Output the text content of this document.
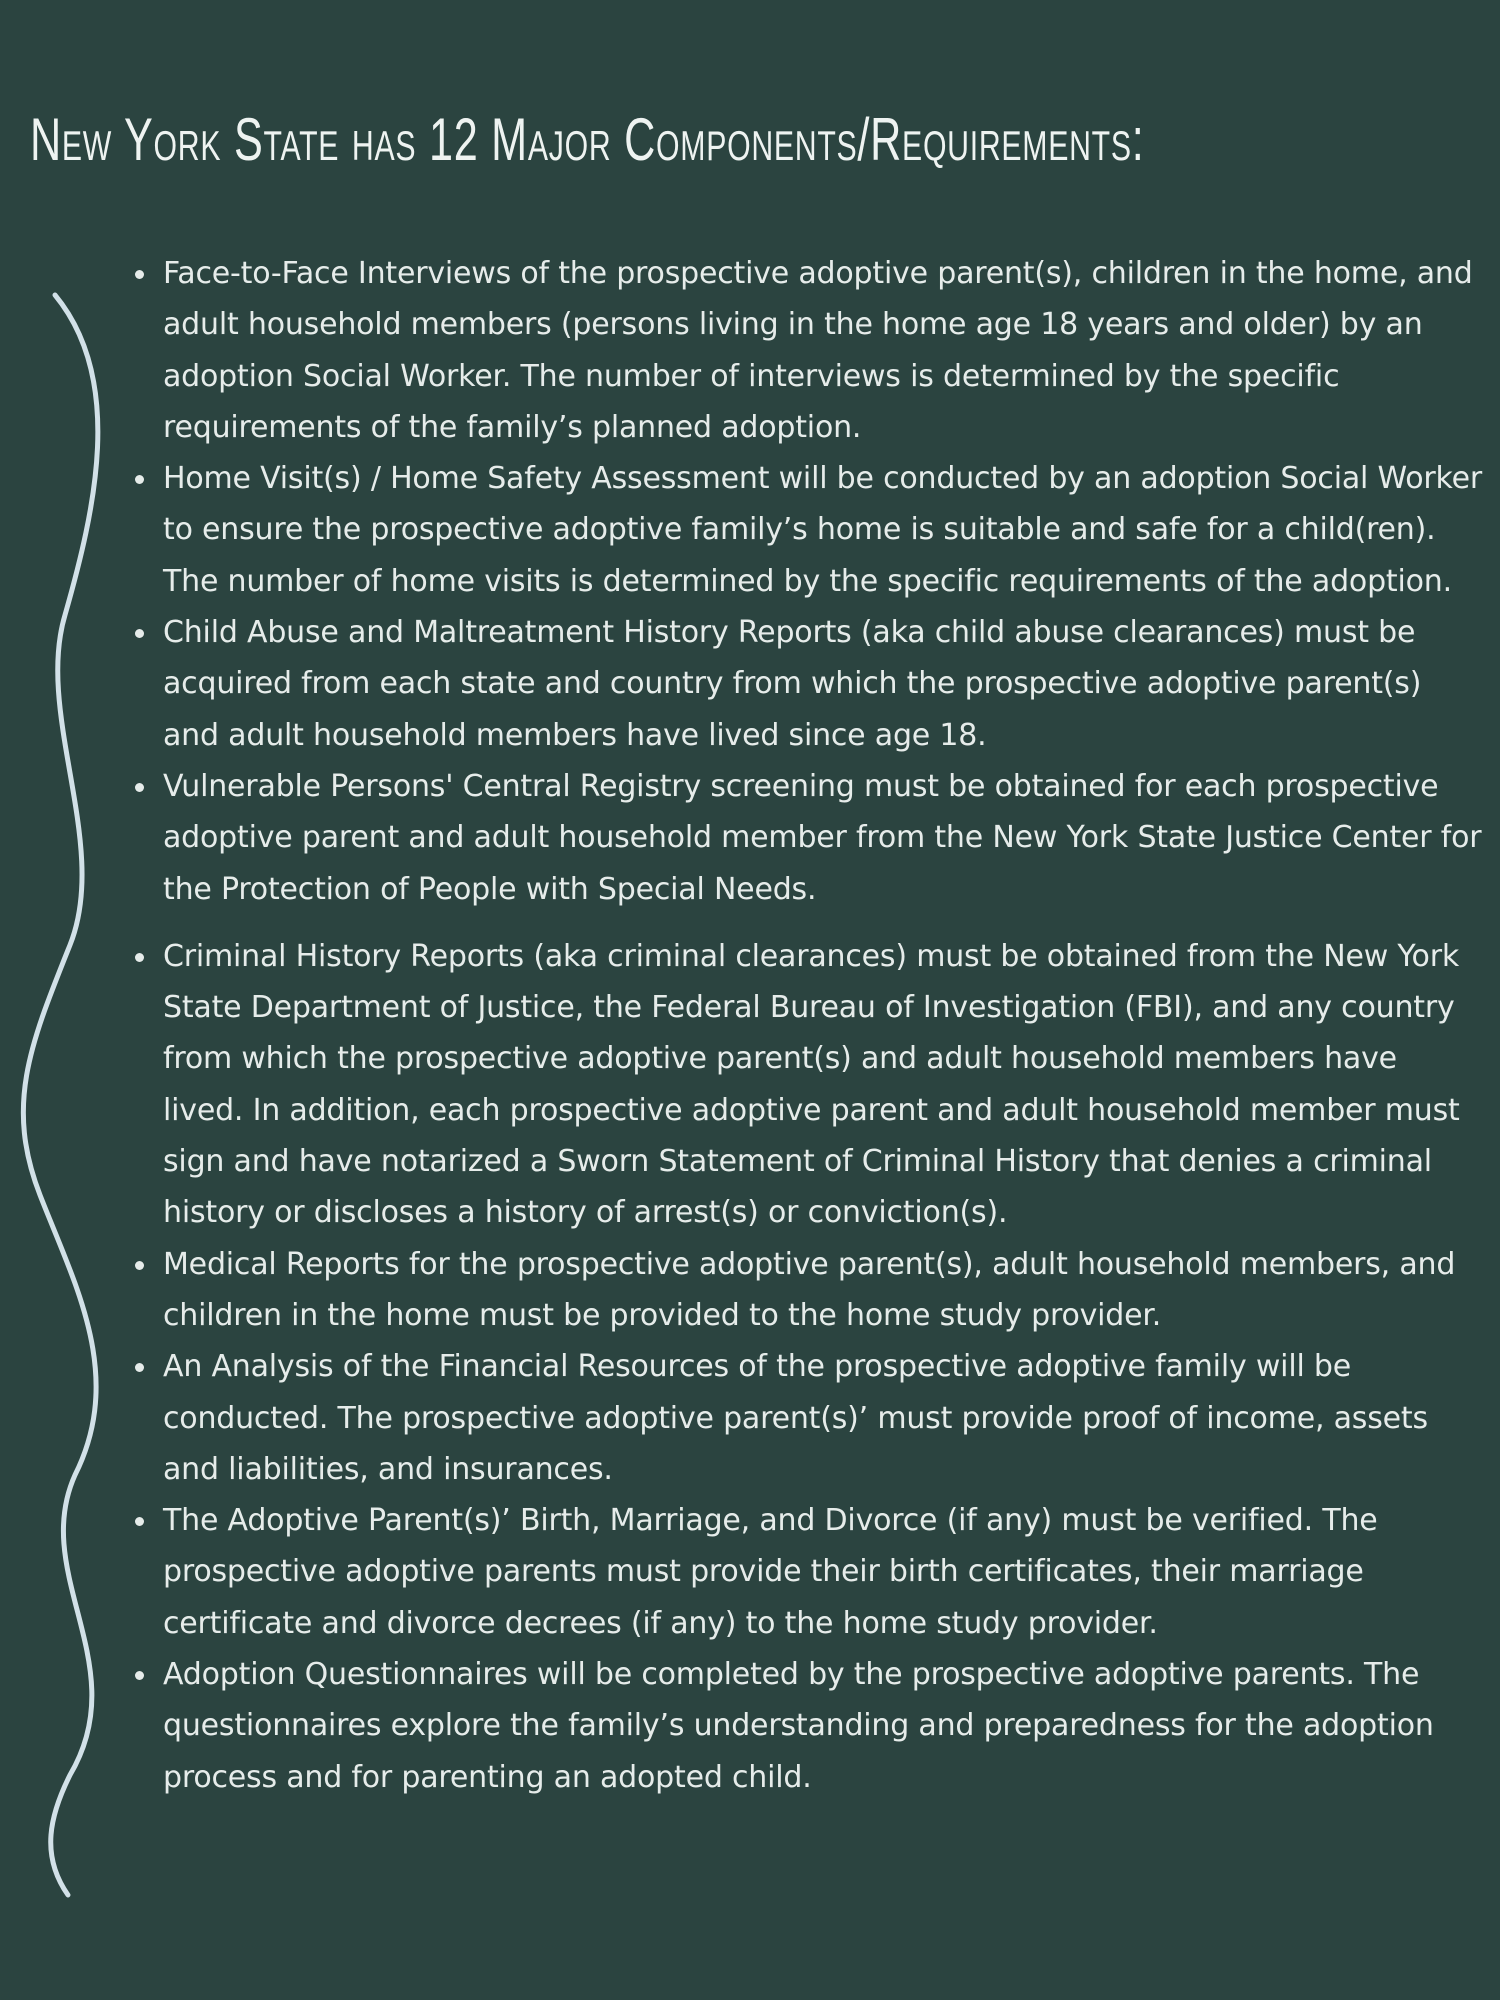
New York State has 12 Major Components/Requirements:
Face-to-Face Interviews of the prospective adoptive parent(s), children in the home, and adult household members (persons living in the home age 18 years and older) by an adoption Social Worker. The number of interviews is determined by the specific requirements of the family’s planned adoption.
Home Visit(s) / Home Safety Assessment will be conducted by an adoption Social Worker to ensure the prospective adoptive family’s home is suitable and safe for a child(ren). The number of home visits is determined by the specific requirements of the adoption.
Child Abuse and Maltreatment History Reports (aka child abuse clearances) must be acquired from each state and country from which the prospective adoptive parent(s) and adult household members have lived since age 18.
Vulnerable Persons' Central Registry screening must be obtained for each prospective adoptive parent and adult household member from the New York State Justice Center for the Protection of People with Special Needs.
Criminal History Reports (aka criminal clearances) must be obtained from the New York State Department of Justice, the Federal Bureau of Investigation (FBI), and any country from which the prospective adoptive parent(s) and adult household members have lived. In addition, each prospective adoptive parent and adult household member must sign and have notarized a Sworn Statement of Criminal History that denies a criminal history or discloses a history of arrest(s) or conviction(s).
Medical Reports for the prospective adoptive parent(s), adult household members, and children in the home must be provided to the home study provider.
An Analysis of the Financial Resources of the prospective adoptive family will be conducted. The prospective adoptive parent(s)’ must provide proof of income, assets and liabilities, and insurances.
The Adoptive Parent(s)’ Birth, Marriage, and Divorce (if any) must be verified. The prospective adoptive parents must provide their birth certificates, their marriage certificate and divorce decrees (if any) to the home study provider.
Adoption Questionnaires will be completed by the prospective adoptive parents. The questionnaires explore the family’s understanding and preparedness for the adoption process and for parenting an adopted child.
